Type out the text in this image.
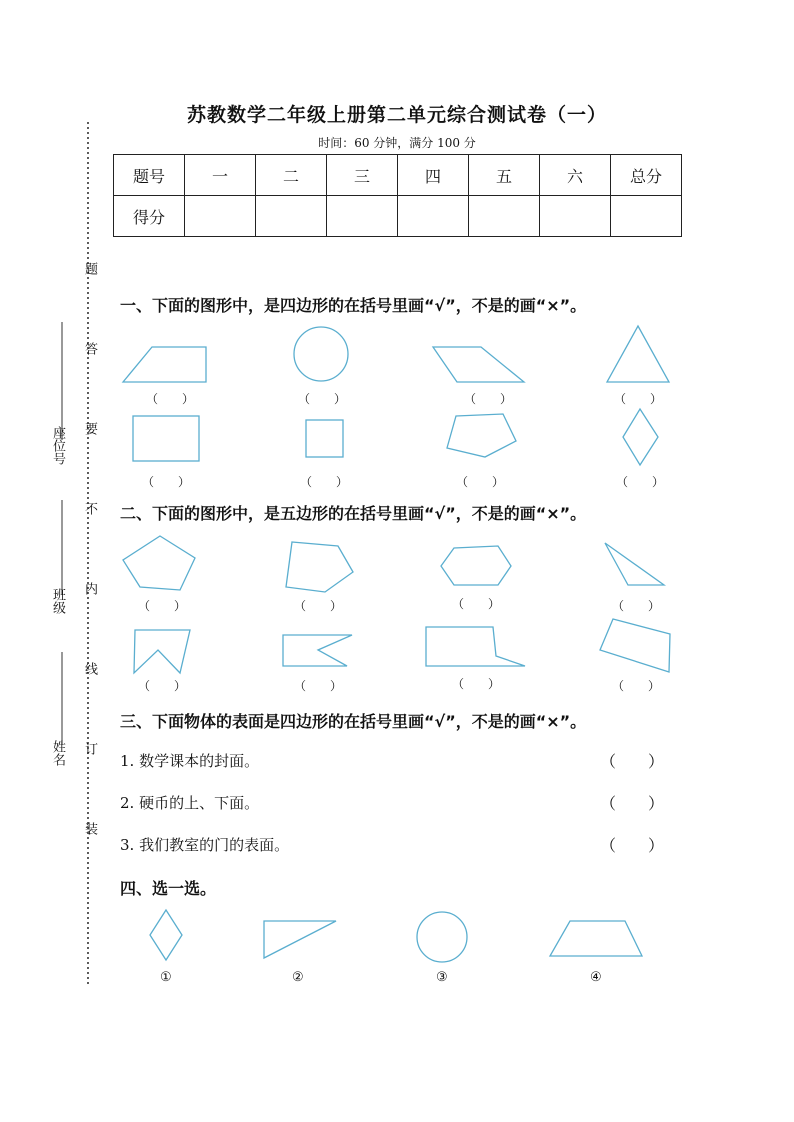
座位号
班级
姓名
题
答
要
不
内
线
订
装
苏教数学二年级上册第二单元综合测试卷（一）
时间：60 分钟，满分 100 分
题号	一	二	三	四	五	六	总分
得分							
一、下面的图形中，是四边形的在括号里画“√”，不是的画“×”。
（　　）	（　　）	（　　）	（　　）
（　　）	（　　）	（　　）	（　　）
二、下面的图形中，是五边形的在括号里画“√”，不是的画“×”。
（　　）	（　　）	（　　）	（　　）
（　　）	（　　）	（　　）	（　　）
三、下面物体的表面是四边形的在括号里画“√”，不是的画“×”。
1. 数学课本的封面。
2. 硬币的上、下面。
3. 我们教室的门的表面。
（　　）
（　　）
（　　）
四、选一选。
①	②	③	④
